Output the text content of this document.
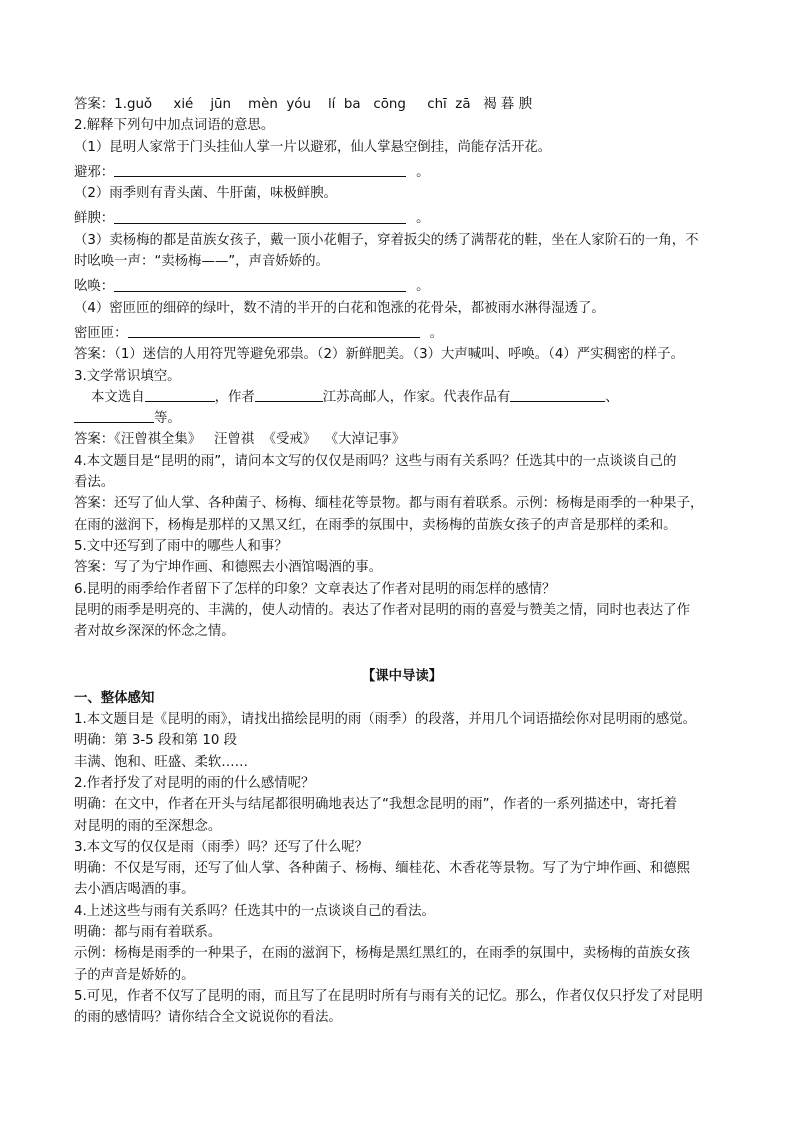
答案：1.guǒ     xié    jūn    mèn  yóu    lí  ba   cōng     chī  zā   褐 暮 腴

2.解释下列句中加点词语的意思。

（1）昆明人家常于门头挂仙人掌一片以避邪，仙人掌悬空倒挂，尚能存活开花。

避邪：	。

（2）雨季则有青头菌、牛肝菌，味极鲜腴。

鲜腴：	。

（3）卖杨梅的都是苗族女孩子，戴一顶小花帽子，穿着扳尖的绣了满帮花的鞋，坐在人家阶石的一角，不

时吆唤一声：“卖杨梅——”，声音娇娇的。

吆唤：	。

（4）密匝匝的细碎的绿叶，数不清的半开的白花和饱涨的花骨朵，都被雨水淋得湿透了。

密匝匝：	。

答案：（1）迷信的人用符咒等避免邪祟。（2）新鲜肥美。（3）大声喊叫、呼唤。（4）严实稠密的样子。

3.文学常识填空。

本文选自	，作者	江苏高邮人，作家。代表作品有	、
等。

答案：《汪曾祺全集》   汪曾祺  《受戒》  《大淖记事》

4.本文题目是“昆明的雨”，请问本文写的仅仅是雨吗？这些与雨有关系吗？任选其中的一点谈谈自己的

看法。

答案：还写了仙人掌、各种菌子、杨梅、缅桂花等景物。都与雨有着联系。示例：杨梅是雨季的一种果子，

在雨的滋润下，杨梅是那样的又黑又红，在雨季的氛围中，卖杨梅的苗族女孩子的声音是那样的柔和。

5.文中还写到了雨中的哪些人和事？

答案：写了为宁坤作画、和德熙去小酒馆喝酒的事。

6.昆明的雨季给作者留下了怎样的印象？文章表达了作者对昆明的雨怎样的感情？

昆明的雨季是明亮的、丰满的，使人动情的。表达了作者对昆明的雨的喜爱与赞美之情，同时也表达了作

者对故乡深深的怀念之情。

【课中导读】

一、整体感知

1.本文题目是《昆明的雨》，请找出描绘昆明的雨（雨季）的段落，并用几个词语描绘你对昆明雨的感觉。

明确：第 3-5 段和第 10 段

丰满、饱和、旺盛、柔软……

2.作者抒发了对昆明的雨的什么感情呢？

明确：在文中，作者在开头与结尾都很明确地表达了“我想念昆明的雨”，作者的一系列描述中，寄托着

对昆明的雨的至深想念。

3.本文写的仅仅是雨（雨季）吗？还写了什么呢？

明确：不仅是写雨，还写了仙人掌、各种菌子、杨梅、缅桂花、木香花等景物。写了为宁坤作画、和德熙

去小酒店喝酒的事。

4.上述这些与雨有关系吗？任选其中的一点谈谈自己的看法。

明确：都与雨有着联系。

示例：杨梅是雨季的一种果子，在雨的滋润下，杨梅是黑红黑红的，在雨季的氛围中，卖杨梅的苗族女孩

子的声音是娇娇的。

5.可见，作者不仅写了昆明的雨，而且写了在昆明时所有与雨有关的记忆。那么，作者仅仅只抒发了对昆明

的雨的感情吗？请你结合全文说说你的看法。
